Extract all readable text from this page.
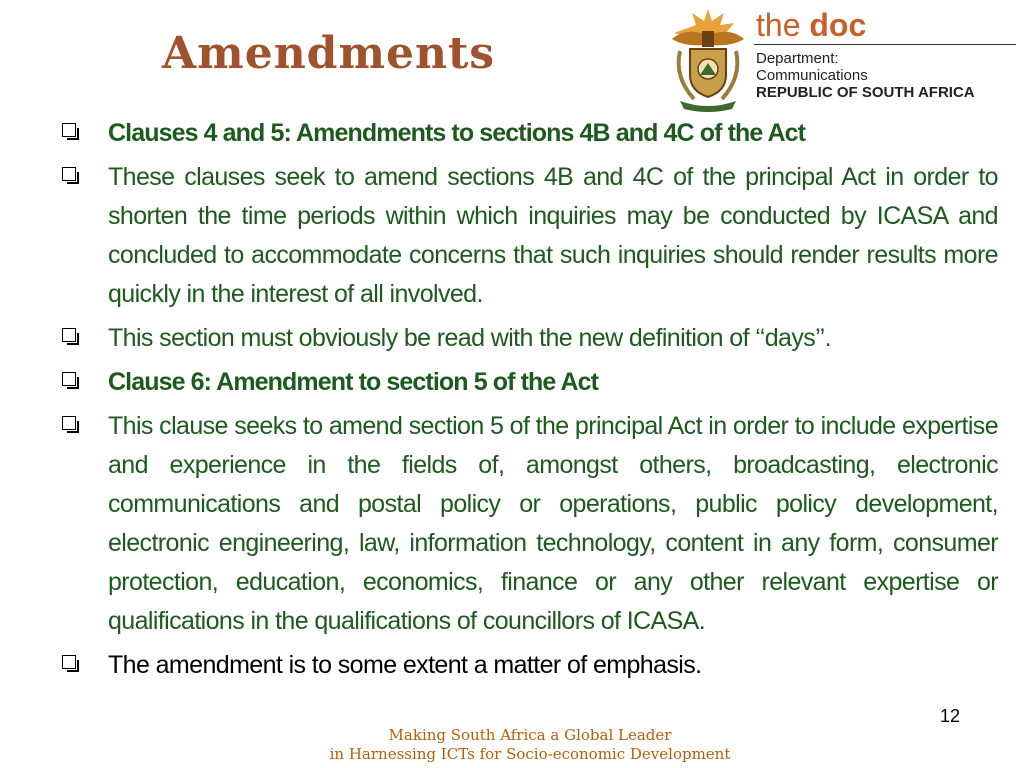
Amendments
the doc
Department:
Communications
REPUBLIC OF SOUTH AFRICA
Clauses 4 and 5: Amendments to sections 4B and 4C of the Act
These clauses seek to amend sections 4B and 4C of the principal Act in order to shorten the time periods within which inquiries may be conducted by ICASA and concluded to accommodate concerns that such inquiries should render results more quickly in the interest of all involved.
This section must obviously be read with the new definition of ‘‘days’’.
Clause 6: Amendment to section 5 of the Act
This clause seeks to amend section 5 of the principal Act in order to include expertise and experience in the fields of, amongst others, broadcasting, electronic communications and postal policy or operations, public policy development, electronic engineering, law, information technology, content in any form, consumer protection, education, economics, finance or any other relevant expertise or qualifications in the qualifications of councillors of ICASA.
The amendment is to some extent a matter of emphasis.
12
Making South Africa a Global Leader
in Harnessing ICTs for Socio-economic Development
